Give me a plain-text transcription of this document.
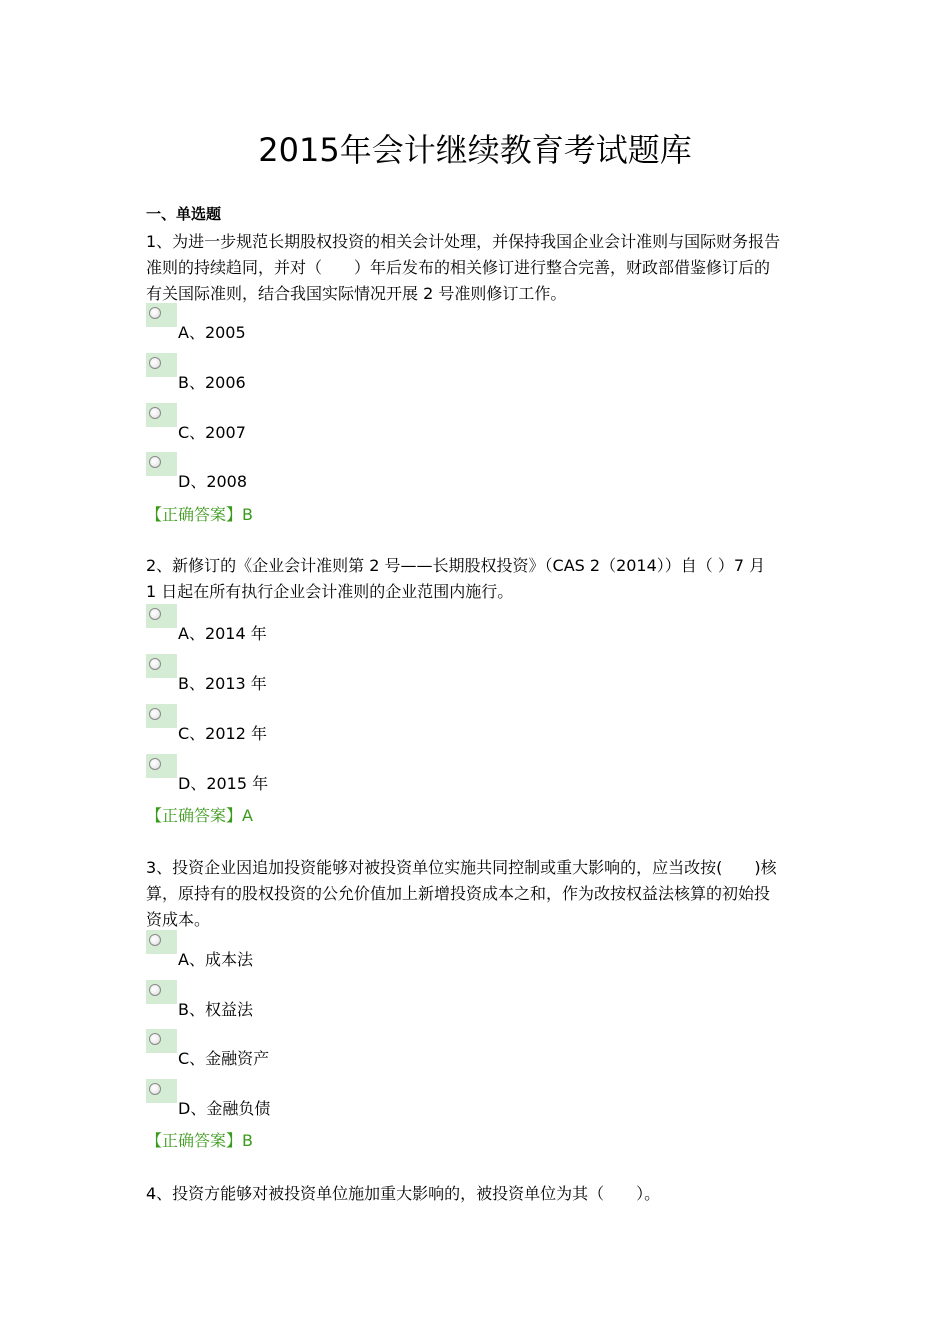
2015年会计继续教育考试题库
一、单选题
1、为进一步规范长期股权投资的相关会计处理，并保持我国企业会计准则与国际财务报告
准则的持续趋同，并对（　　）年后发布的相关修订进行整合完善，财政部借鉴修订后的
有关国际准则，结合我国实际情况开展 2 号准则修订工作。
A、2005
B、2006
C、2007
D、2008
【正确答案】B
2、新修订的《企业会计准则第 2 号——长期股权投资》（CAS 2（2014））自（ ）7 月
1 日起在所有执行企业会计准则的企业范围内施行。
A、2014 年
B、2013 年
C、2012 年
D、2015 年
【正确答案】A
3、投资企业因追加投资能够对被投资单位实施共同控制或重大影响的，应当改按(　　)核
算，原持有的股权投资的公允价值加上新增投资成本之和，作为改按权益法核算的初始投
资成本。
A、成本法
B、权益法
C、金融资产
D、金融负债
【正确答案】B
4、投资方能够对被投资单位施加重大影响的，被投资单位为其（　　）。
